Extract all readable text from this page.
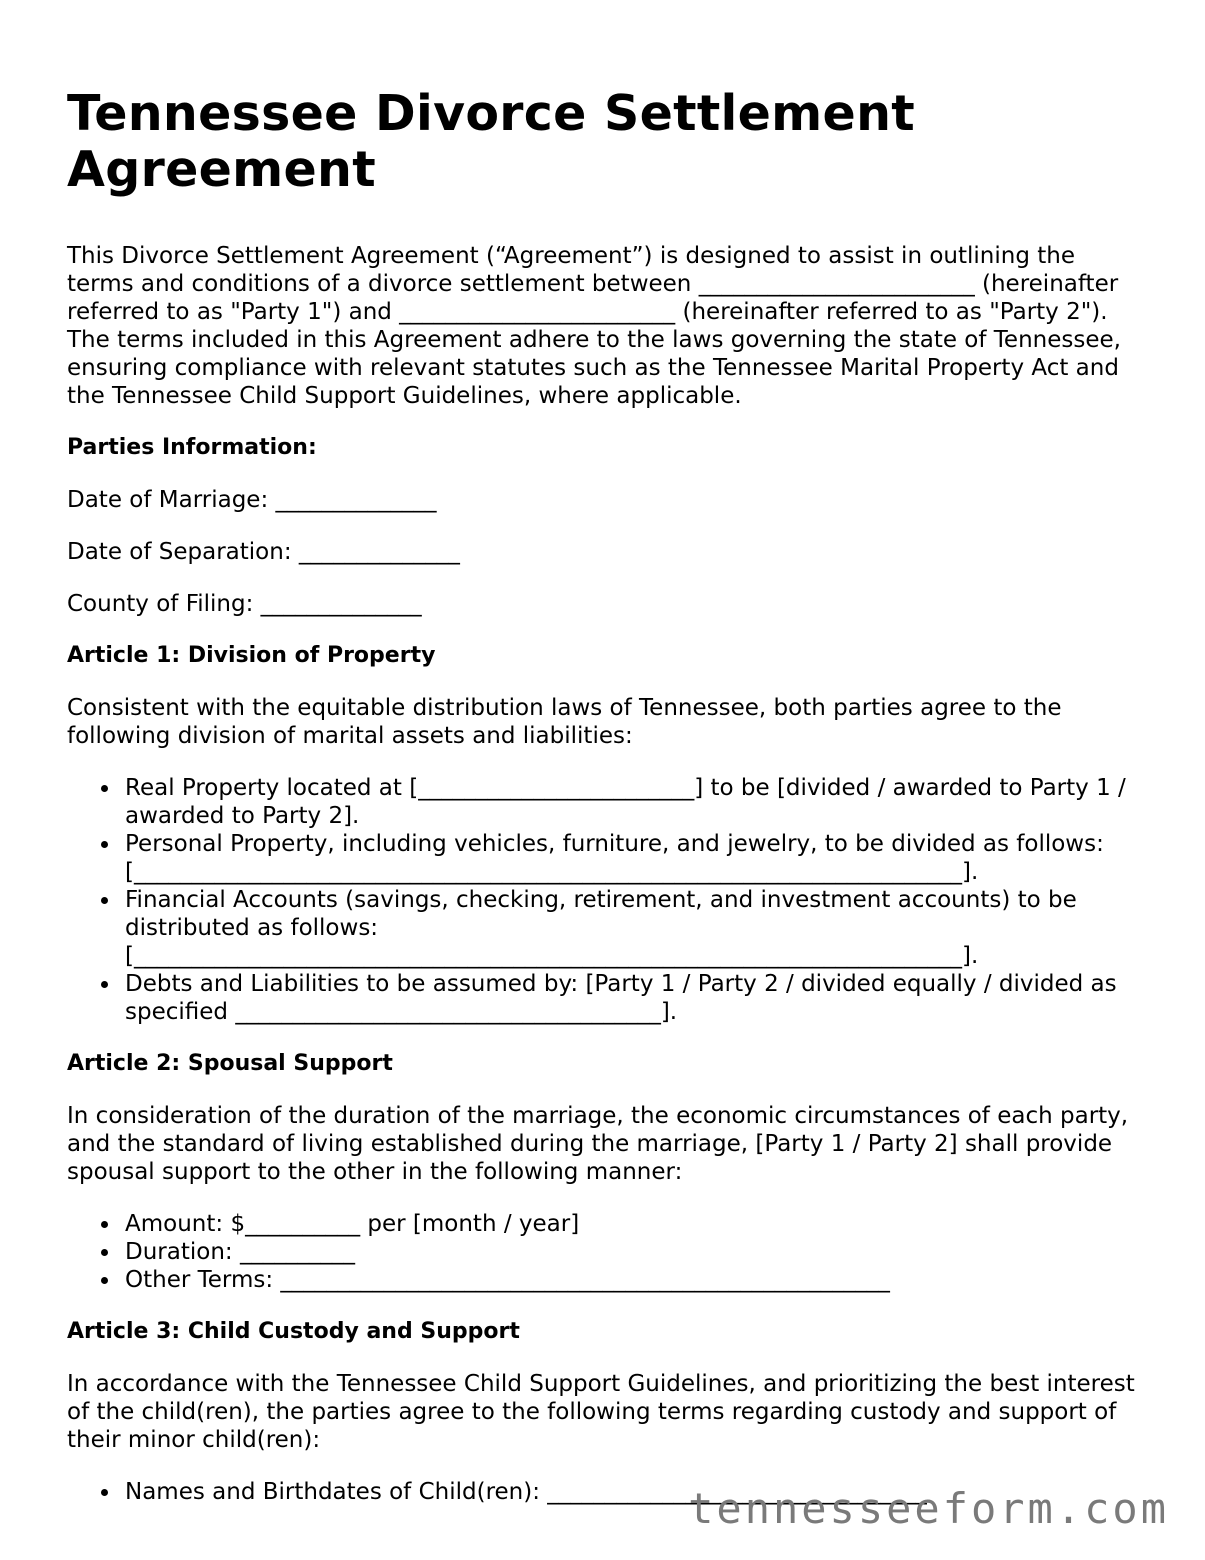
Tennessee Divorce Settlement Agreement

This Divorce Settlement Agreement (“Agreement”) is designed to assist in outlining the terms and conditions of a divorce settlement between ________________________ (hereinafter referred to as "Party 1") and ________________________ (hereinafter referred to as "Party 2"). The terms included in this Agreement adhere to the laws governing the state of Tennessee, ensuring compliance with relevant statutes such as the Tennessee Marital Property Act and the Tennessee Child Support Guidelines, where applicable.

Parties Information:

Date of Marriage: ______________

Date of Separation: ______________

County of Filing: ______________

Article 1: Division of Property

Consistent with the equitable distribution laws of Tennessee, both parties agree to the following division of marital assets and liabilities:

Real Property located at [________________________] to be [divided / awarded to Party 1 / awarded to Party 2].
Personal Property, including vehicles, furniture, and jewelry, to be divided as follows: [________________________________________________________________________].
Financial Accounts (savings, checking, retirement, and investment accounts) to be distributed as follows: [________________________________________________________________________].
Debts and Liabilities to be assumed by: [Party 1 / Party 2 / divided equally / divided as specified _____________________________________].
Article 2: Spousal Support

In consideration of the duration of the marriage, the economic circumstances of each party, and the standard of living established during the marriage, [Party 1 / Party 2] shall provide spousal support to the other in the following manner:

Amount: $__________ per [month / year]
Duration: __________
Other Terms: _____________________________________________________
Article 3: Child Custody and Support

In accordance with the Tennessee Child Support Guidelines, and prioritizing the best interest of the child(ren), the parties agree to the following terms regarding custody and support of their minor child(ren):

Names and Birthdates of Child(ren): _________________________________
tennesseeform.com
